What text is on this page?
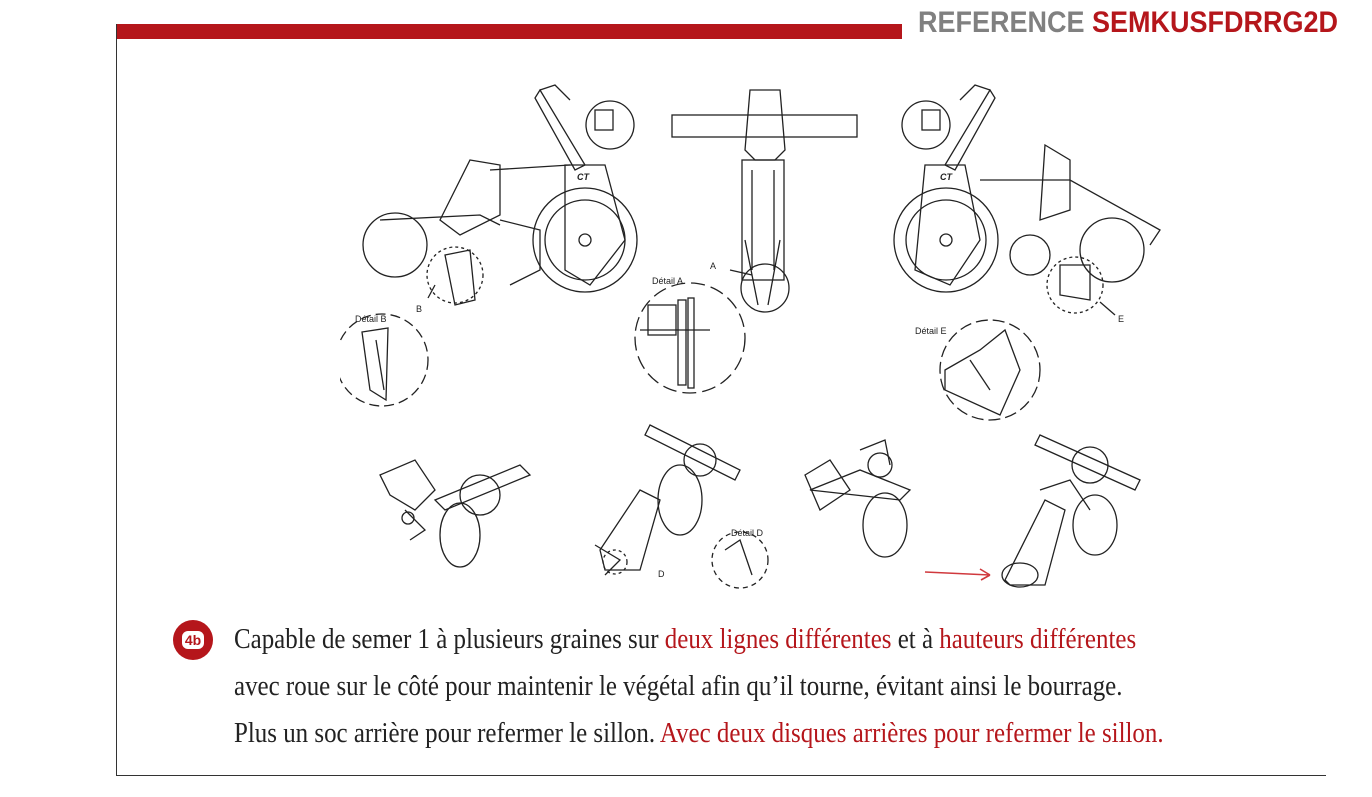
REFERENCE SEMKUSFDRRG2D
Détail A
A
Détail B
B
Détail E
E
Détail D
D
CT	CT
4b Capable de semer 1 à plusieurs graines sur deux lignes différentes et à hauteurs différentes
avec roue sur le côté pour maintenir le végétal afin qu’il tourne, évitant ainsi le bourrage.
Plus un soc arrière pour refermer le sillon. Avec deux disques arrières pour refermer le sillon.
